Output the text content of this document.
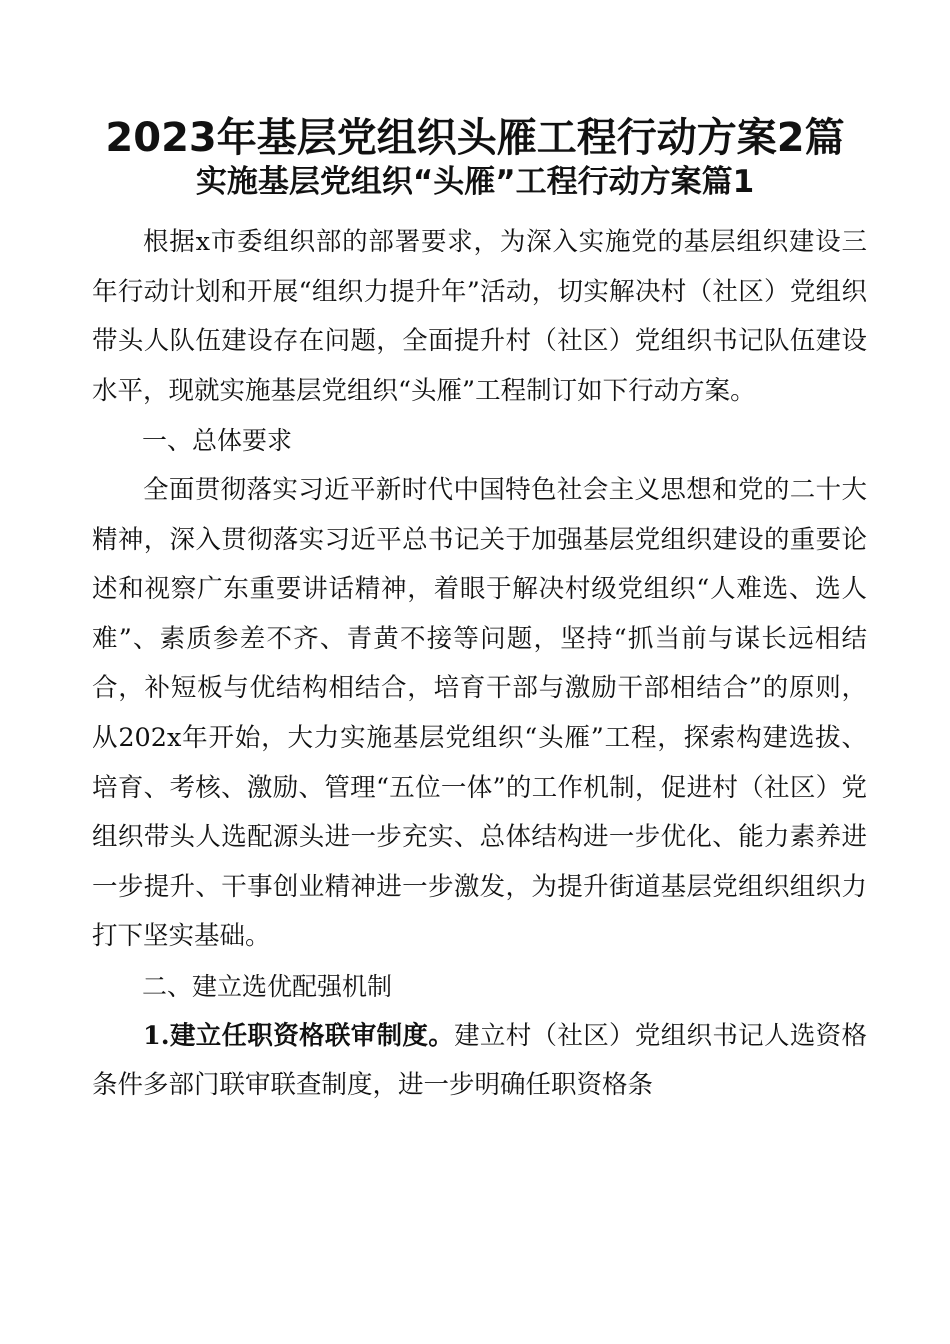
2023年基层党组织头雁工程行动方案2篇
实施基层党组织“头雁”工程行动方案篇1

根据x市委组织部的部署要求，为深入实施党的基层组织建设三年行动计划和开展“组织力提升年”活动，切实解决村（社区）党组织带头人队伍建设存在问题，全面提升村（社区）党组织书记队伍建设水平，现就实施基层党组织“头雁”工程制订如下行动方案。

一、总体要求

全面贯彻落实习近平新时代中国特色社会主义思想和党的二十大精神，深入贯彻落实习近平总书记关于加强基层党组织建设的重要论述和视察广东重要讲话精神，着眼于解决村级党组织“人难选、选人难”、素质参差不齐、青黄不接等问题，坚持“抓当前与谋长远相结合，补短板与优结构相结合，培育干部与激励干部相结合”的原则，从202x年开始，大力实施基层党组织“头雁”工程，探索构建选拔、培育、考核、激励、管理“五位一体”的工作机制，促进村（社区）党组织带头人选配源头进一步充实、总体结构进一步优化、能力素养进一步提升、干事创业精神进一步激发，为提升街道基层党组织组织力打下坚实基础。

二、建立选优配强机制

1.建立任职资格联审制度。建立村（社区）党组织书记人选资格条件多部门联审联查制度，进一步明确任职资格条
